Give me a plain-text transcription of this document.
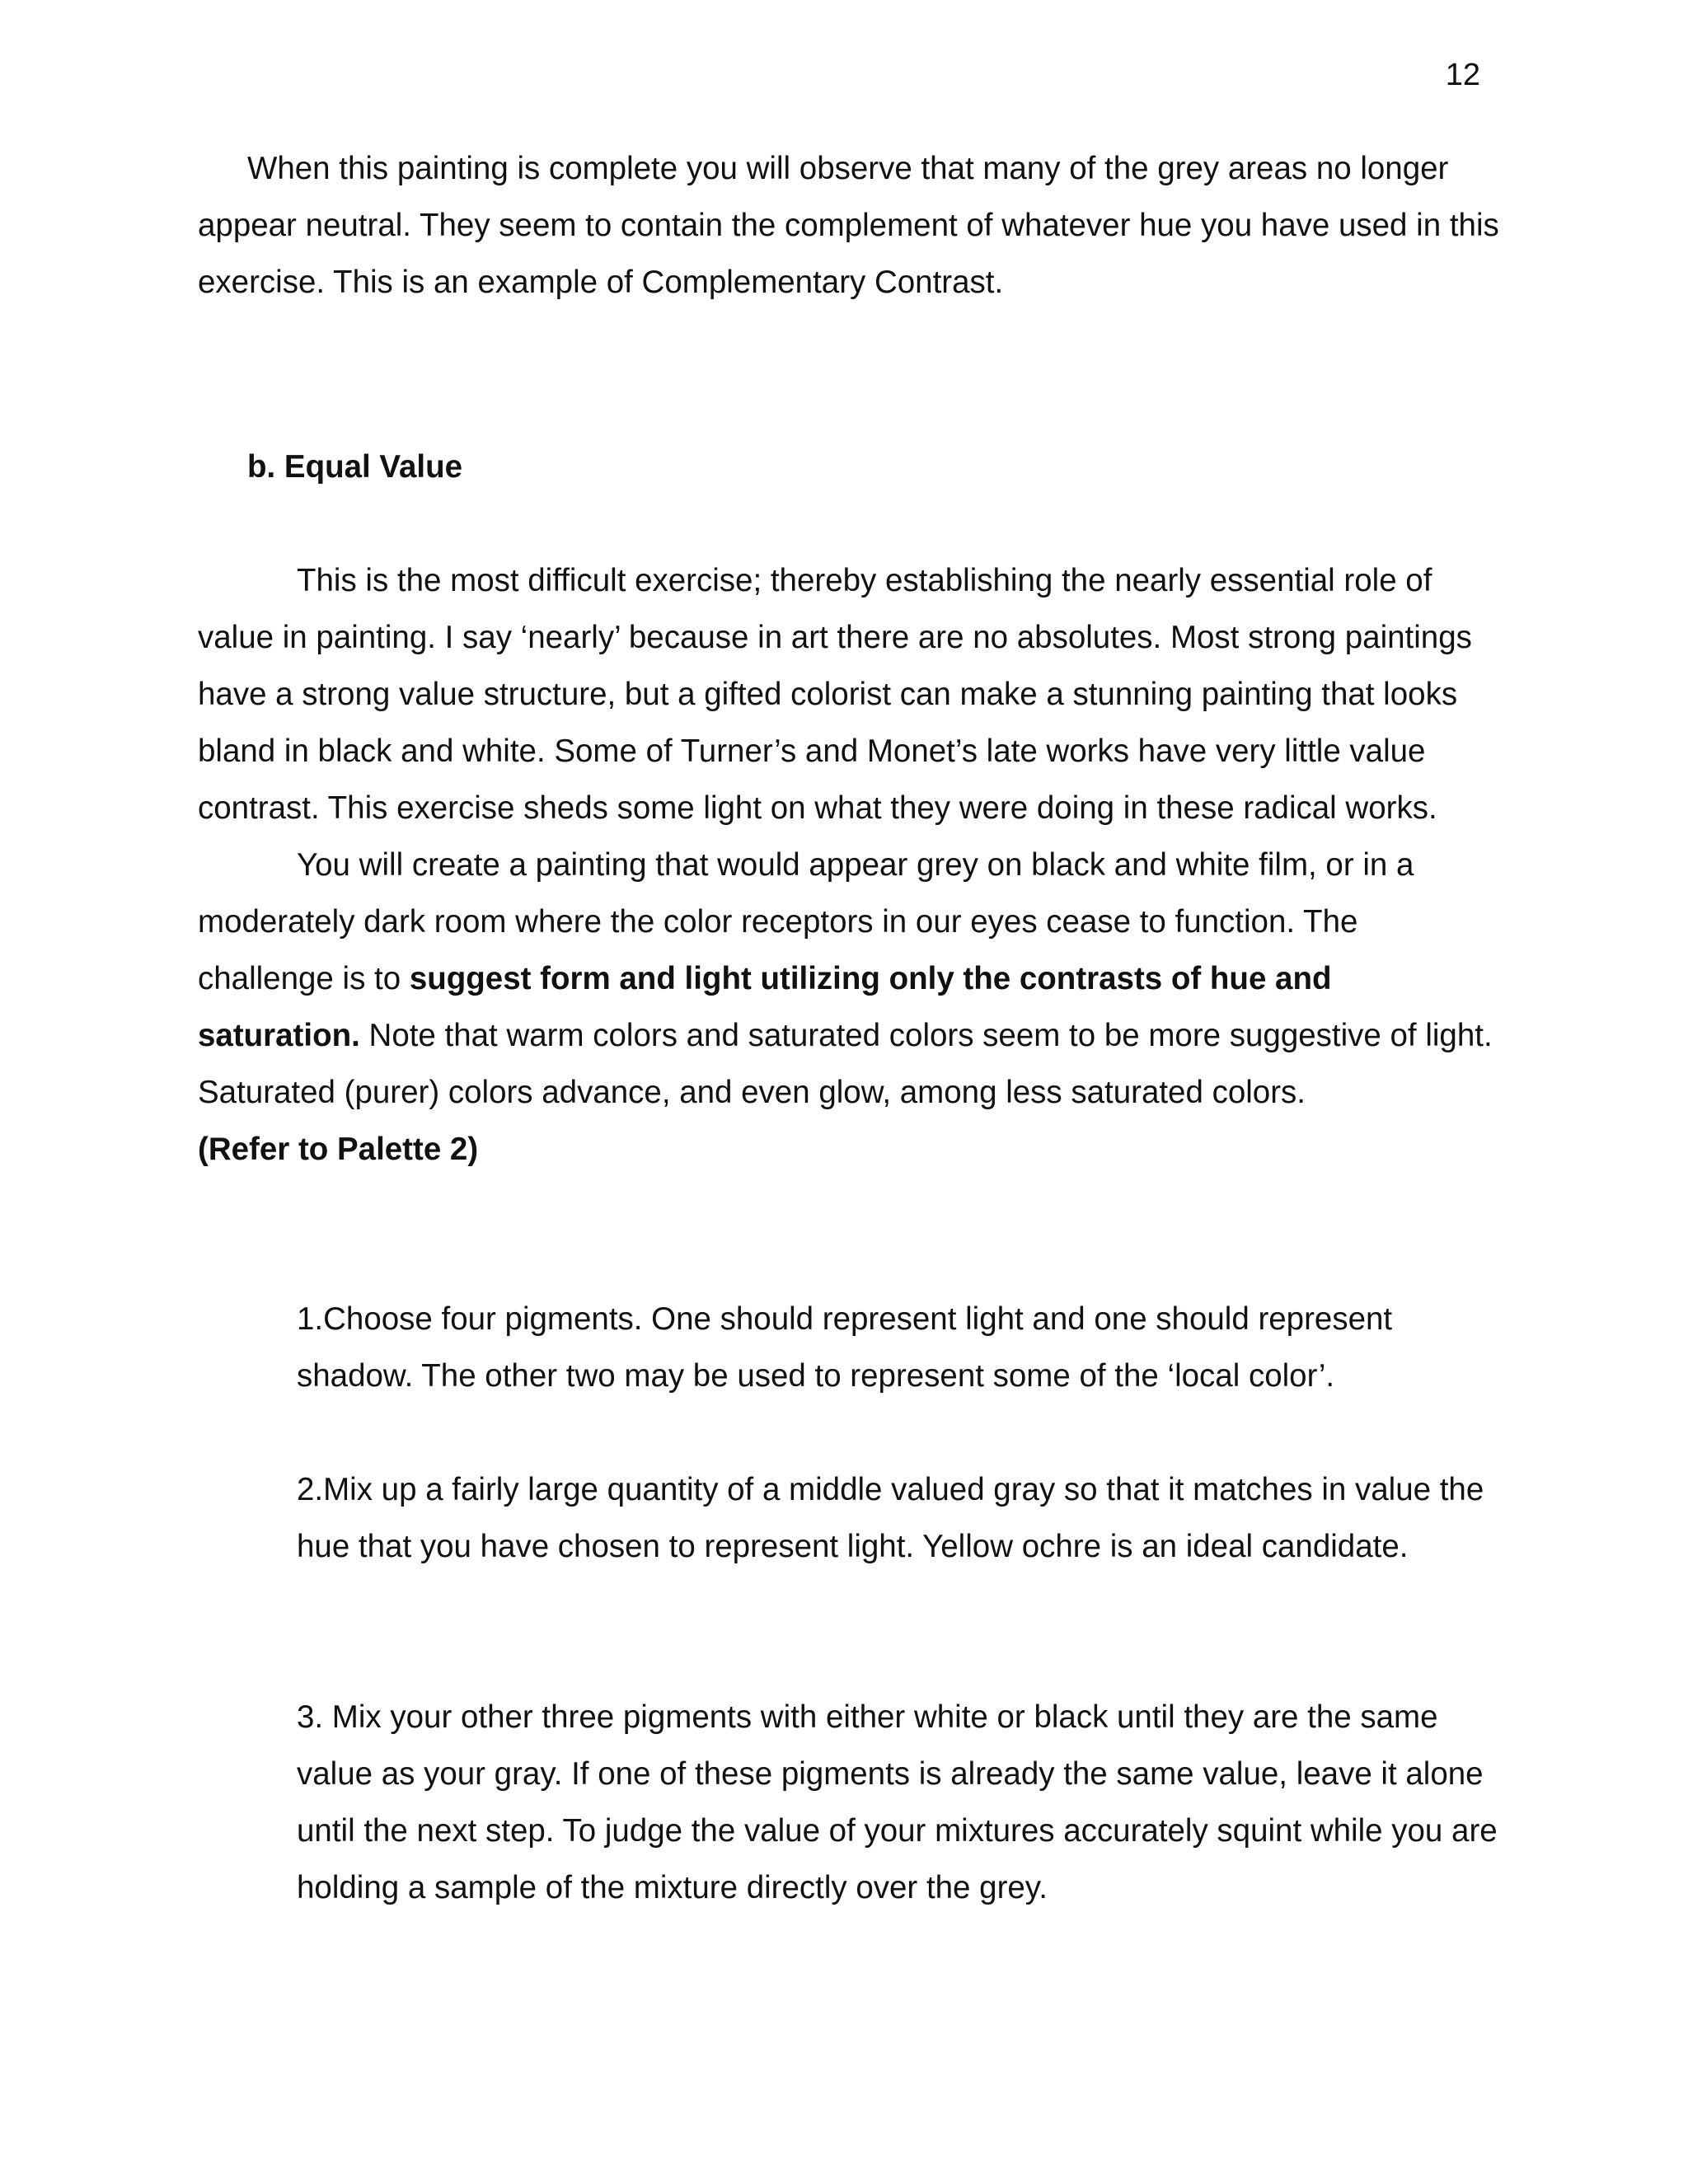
12

When this painting is complete you will observe that many of the grey areas no longer appear neutral. They seem to contain the complement of whatever hue you have used in this exercise. This is an example of Complementary Contrast.

b. Equal Value

This is the most difficult exercise; thereby establishing the nearly essential role of value in painting. I say ‘nearly’ because in art there are no absolutes. Most strong paintings have a strong value structure, but a gifted colorist can make a stunning painting that looks bland in black and white. Some of Turner’s and Monet’s late works have very little value contrast. This exercise sheds some light on what they were doing in these radical works.

You will create a painting that would appear grey on black and white film, or in a moderately dark room where the color receptors in our eyes cease to function. The challenge is to suggest form and light utilizing only the contrasts of hue and saturation. Note that warm colors and saturated colors seem to be more suggestive of light. Saturated (purer) colors advance, and even glow, among less saturated colors.
(Refer to Palette 2)

1.Choose four pigments. One should represent light and one should represent shadow. The other two may be used to represent some of the ‘local color’.

2.Mix up a fairly large quantity of a middle valued gray so that it matches in value the hue that you have chosen to represent light. Yellow ochre is an ideal candidate.

3. Mix your other three pigments with either white or black until they are the same value as your gray. If one of these pigments is already the same value, leave it alone until the next step. To judge the value of your mixtures accurately squint while you are holding a sample of the mixture directly over the grey.
